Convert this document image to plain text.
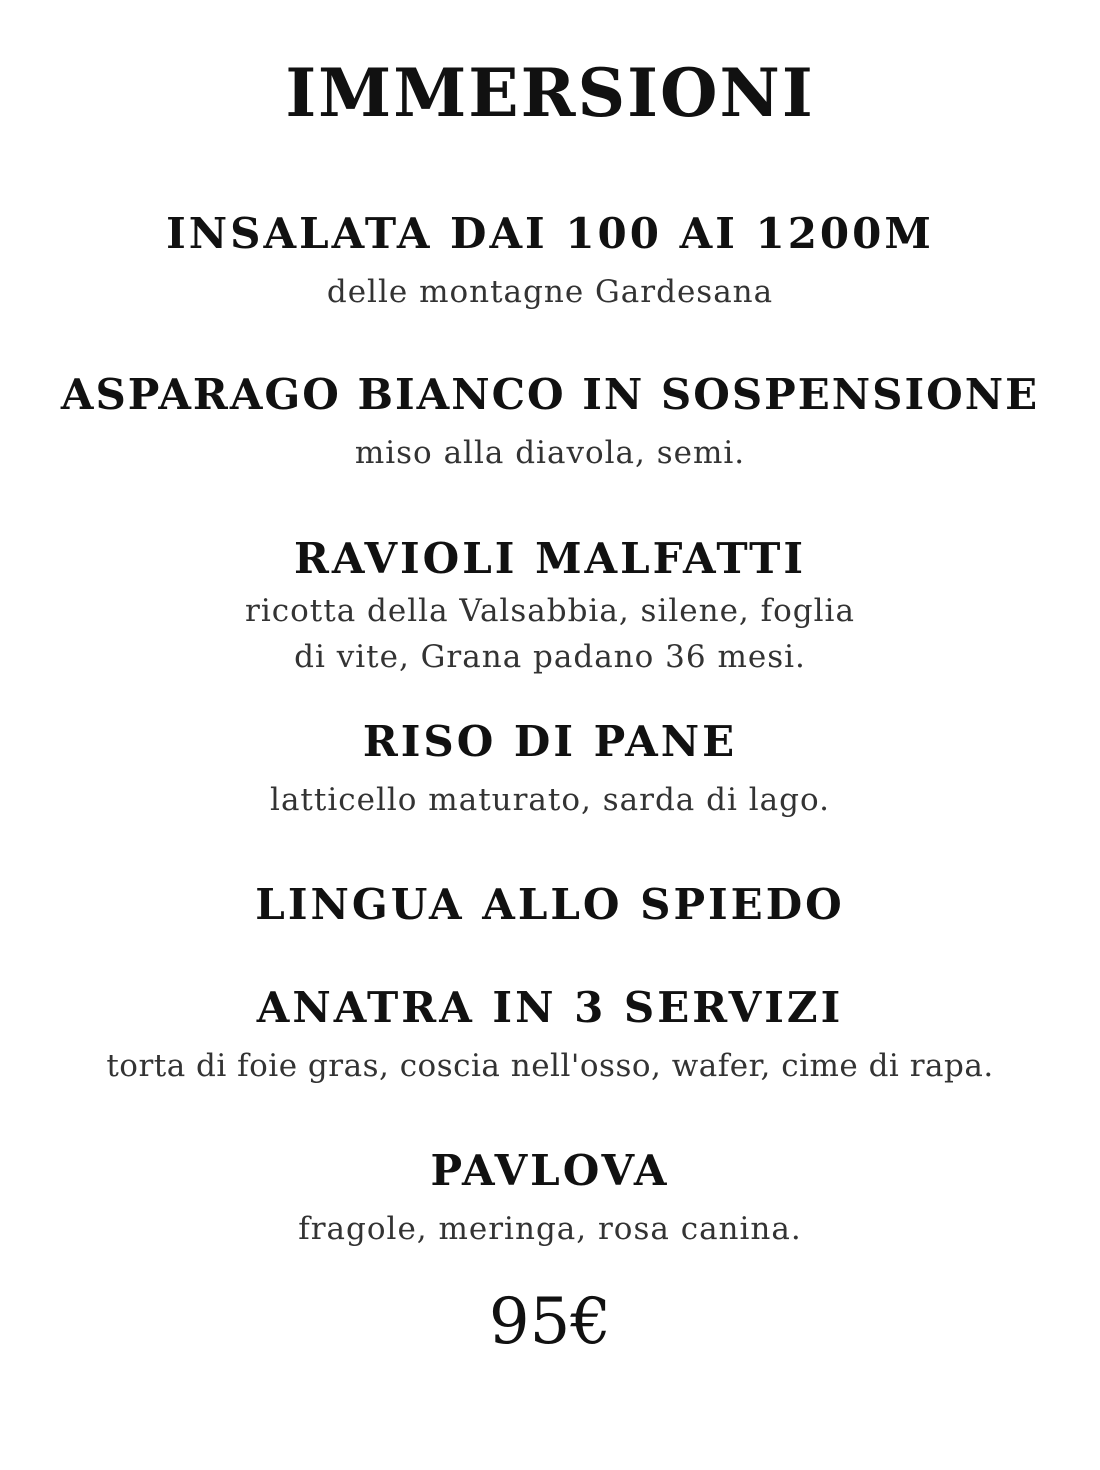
IMMERSIONI

INSALATA DAI 100 AI 1200M

delle montagne Gardesana

ASPARAGO BIANCO IN SOSPENSIONE

miso alla diavola, semi.

RAVIOLI MALFATTI

ricotta della Valsabbia, silene, foglia
di vite, Grana padano 36 mesi.

RISO DI PANE

latticello maturato, sarda di lago.

LINGUA ALLO SPIEDO

ANATRA IN 3 SERVIZI

torta di foie gras, coscia nell'osso, wafer, cime di rapa.

PAVLOVA

fragole, meringa, rosa canina.

95€
